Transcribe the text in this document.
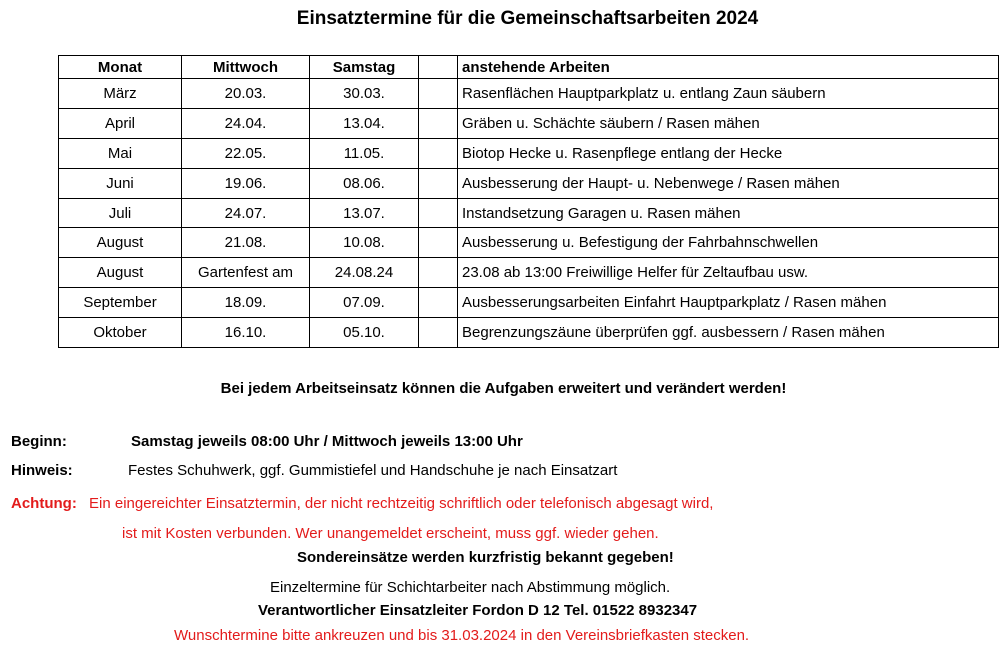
Einsatztermine für die Gemeinschaftsarbeiten 2024
Monat	Mittwoch	Samstag		anstehende Arbeiten
März	20.03.	30.03.		Rasenflächen Hauptparkplatz u. entlang Zaun säubern
April	24.04.	13.04.		Gräben u. Schächte säubern / Rasen mähen
Mai	22.05.	11.05.		Biotop Hecke u. Rasenpflege entlang der Hecke
Juni	19.06.	08.06.		Ausbesserung der Haupt- u. Nebenwege / Rasen mähen
Juli	24.07.	13.07.		Instandsetzung Garagen u. Rasen mähen
August	21.08.	10.08.		Ausbesserung u. Befestigung der Fahrbahnschwellen
August	Gartenfest am	24.08.24		23.08 ab 13:00 Freiwillige Helfer für Zeltaufbau usw.
September	18.09.	07.09.		Ausbesserungsarbeiten Einfahrt Hauptparkplatz / Rasen mähen
Oktober	16.10.	05.10.		Begrenzungszäune überprüfen ggf. ausbessern / Rasen mähen
Bei jedem Arbeitseinsatz können die Aufgaben erweitert und verändert werden!
Beginn:	Samstag jeweils 08:00 Uhr / Mittwoch jeweils 13:00 Uhr
Hinweis:	Festes Schuhwerk, ggf. Gummistiefel und Handschuhe je nach Einsatzart
Achtung: Ein eingereichter Einsatztermin, der nicht rechtzeitig schriftlich oder telefonisch abgesagt wird,
ist mit Kosten verbunden. Wer unangemeldet erscheint, muss ggf. wieder gehen.
Sondereinsätze werden kurzfristig bekannt gegeben!
Einzeltermine für Schichtarbeiter nach Abstimmung möglich.
Verantwortlicher Einsatzleiter Fordon D 12 Tel. 01522 8932347
Wunschtermine bitte ankreuzen und bis 31.03.2024 in den Vereinsbriefkasten stecken.
